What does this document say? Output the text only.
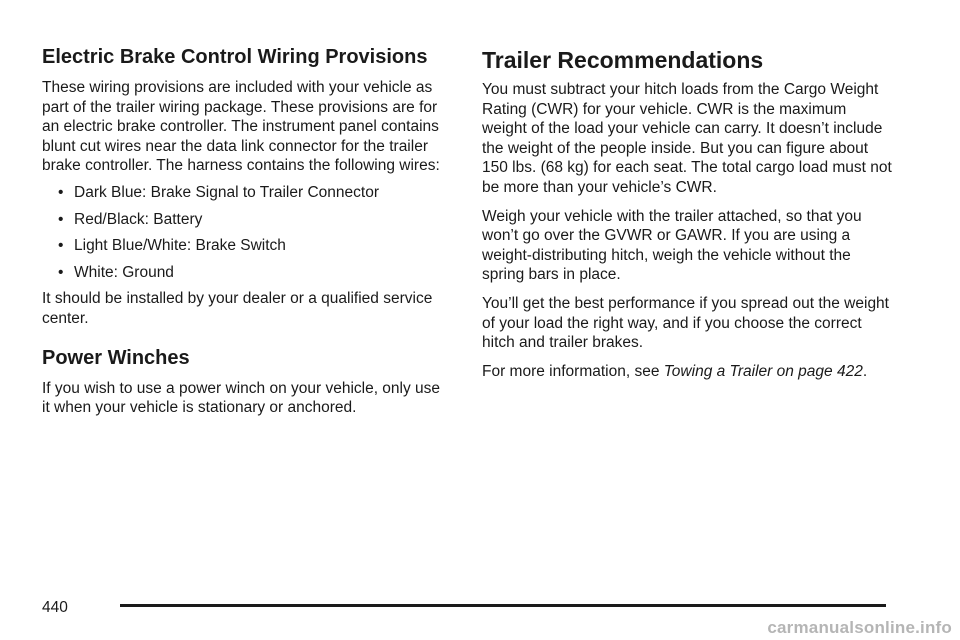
Electric Brake Control Wiring Provisions

These wiring provisions are included with your vehicle as part of the trailer wiring package. These provisions are for an electric brake controller. The instrument panel contains blunt cut wires near the data link connector for the trailer brake controller. The harness contains the following wires:

• Dark Blue: Brake Signal to Trailer Connector
• Red/Black: Battery
• Light Blue/White: Brake Switch
• White: Ground

It should be installed by your dealer or a qualified service center.

Power Winches

If you wish to use a power winch on your vehicle, only use it when your vehicle is stationary or anchored.

Trailer Recommendations

You must subtract your hitch loads from the Cargo Weight Rating (CWR) for your vehicle. CWR is the maximum weight of the load your vehicle can carry. It doesn’t include the weight of the people inside. But you can figure about 150 lbs. (68 kg) for each seat. The total cargo load must not be more than your vehicle’s CWR.

Weigh your vehicle with the trailer attached, so that you won’t go over the GVWR or GAWR. If you are using a weight-distributing hitch, weigh the vehicle without the spring bars in place.

You’ll get the best performance if you spread out the weight of your load the right way, and if you choose the correct hitch and trailer brakes.

For more information, see Towing a Trailer on page 422.

440
carmanualsonline.info
